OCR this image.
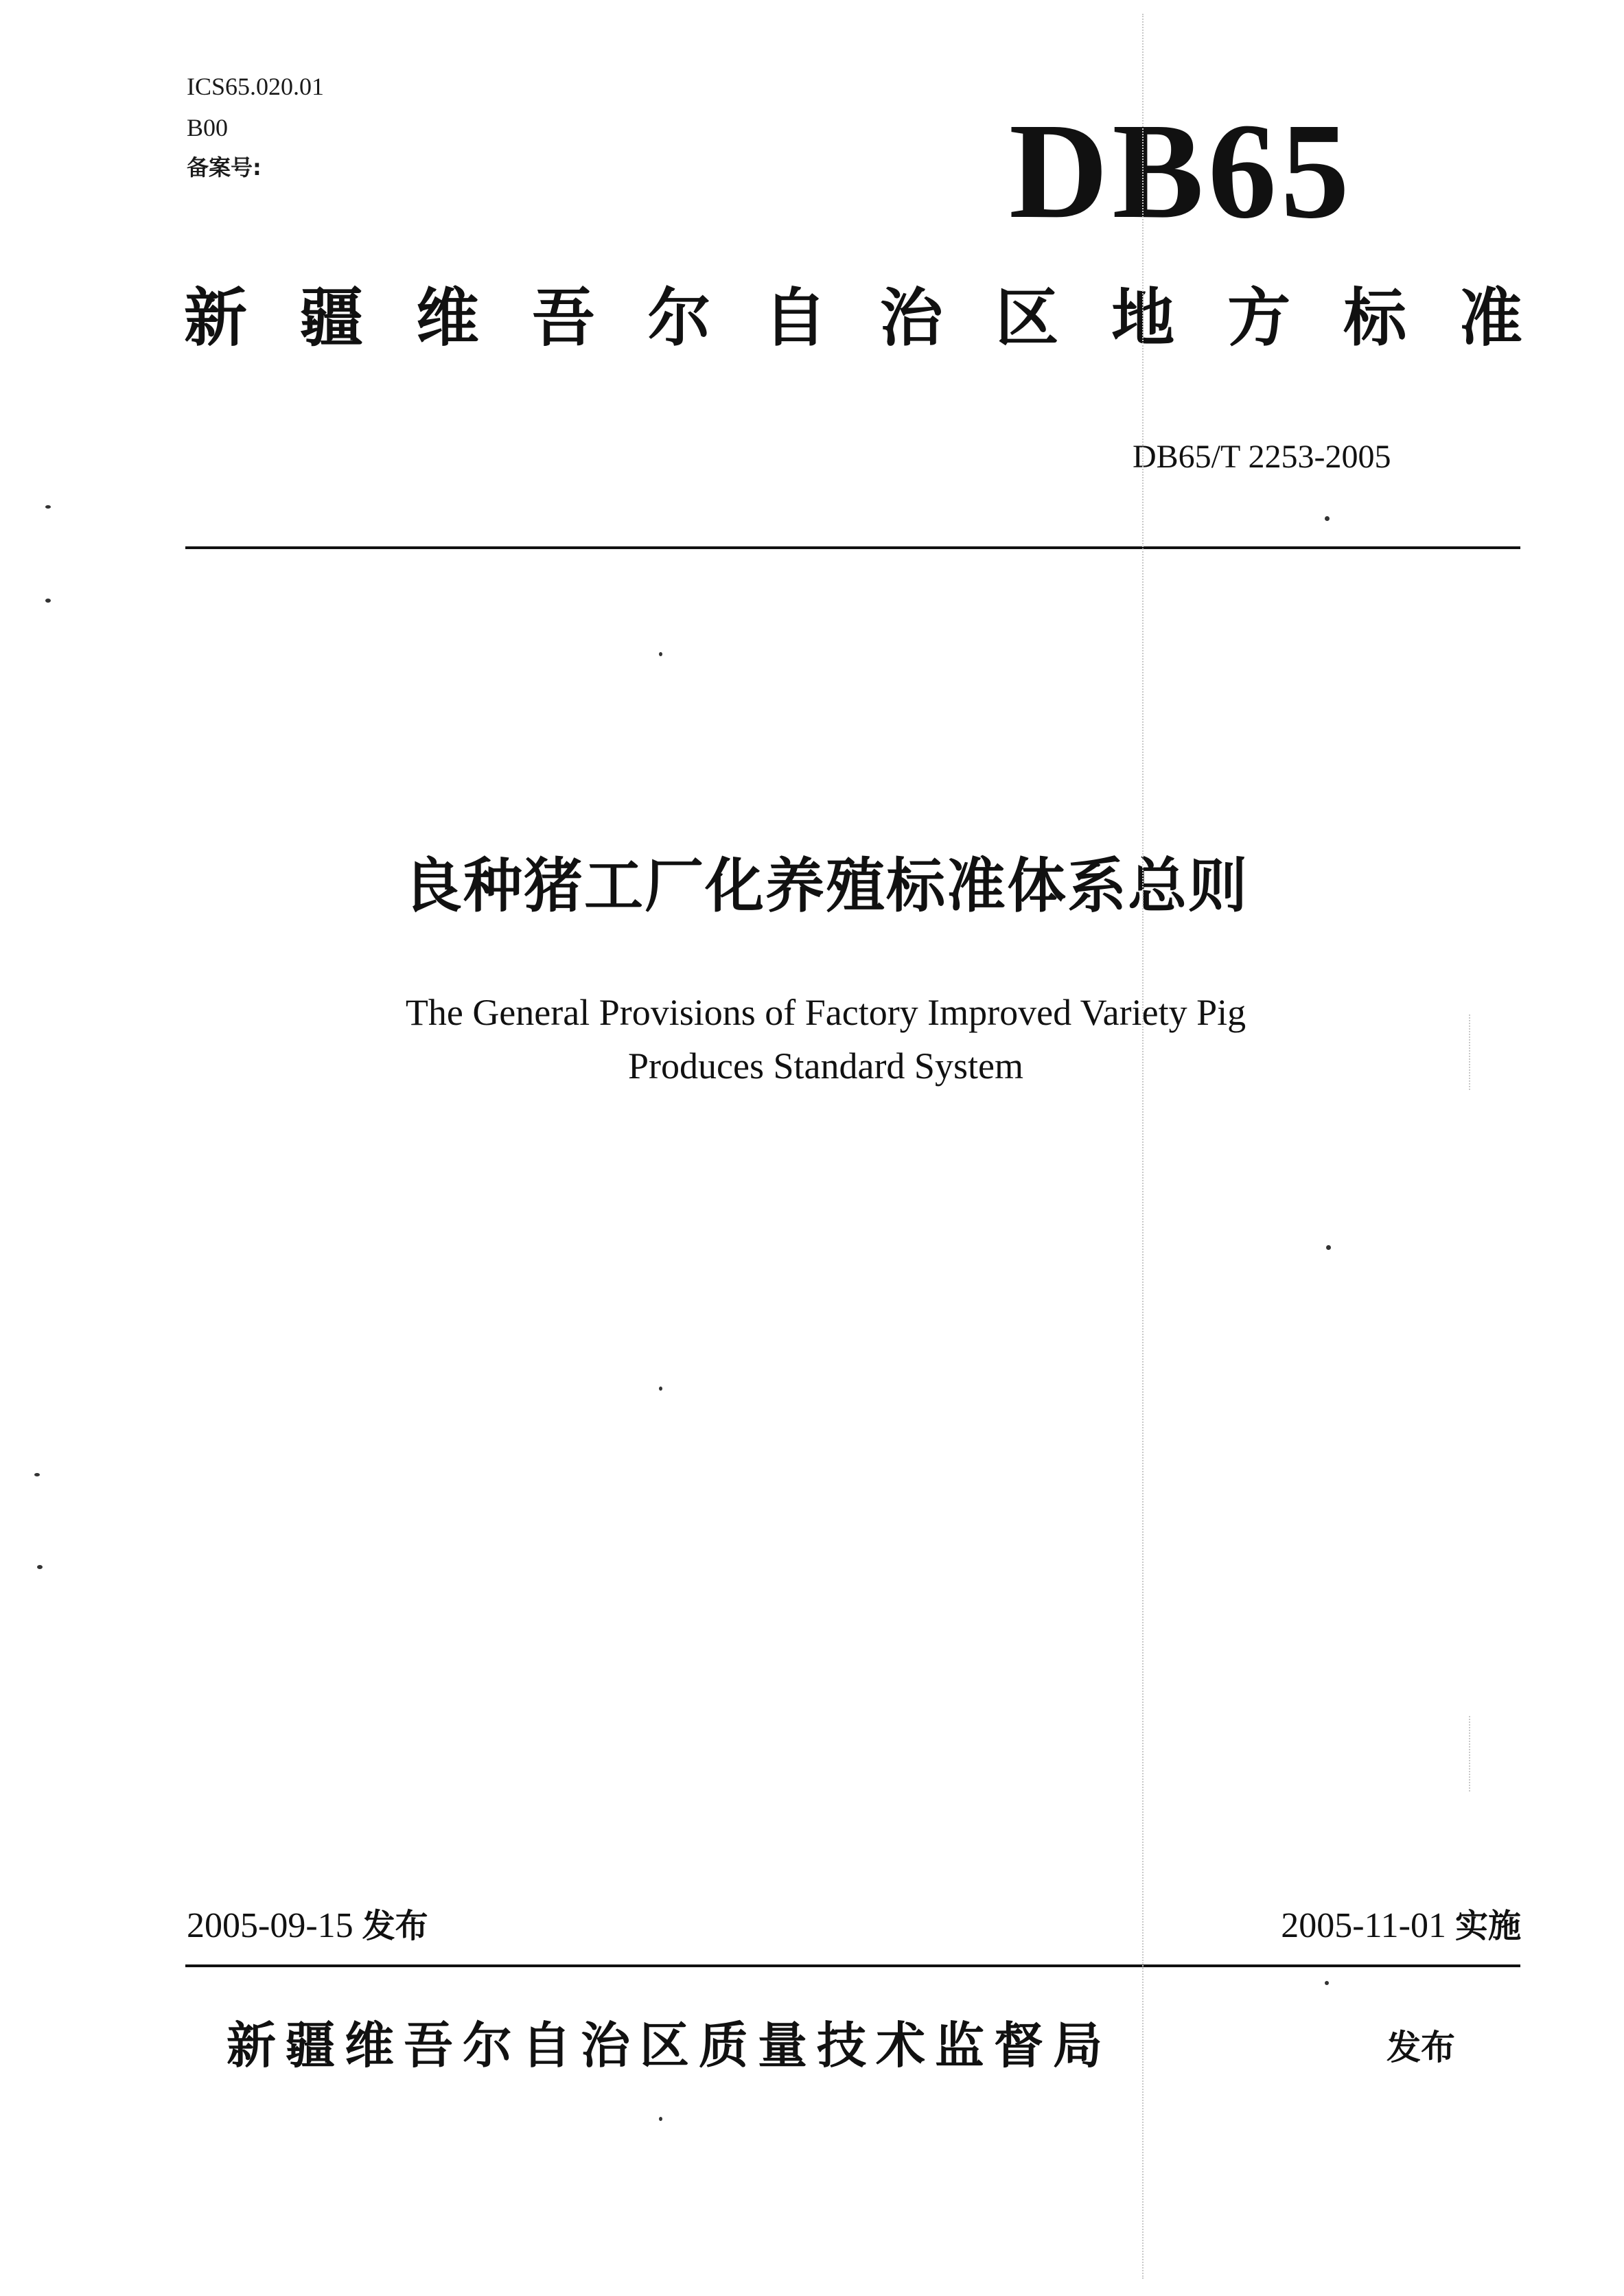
ICS65.020.01
B00
备案号:	DB65
新 疆 维 吾 尔 自 治 区 地 方 标 准
DB65/T 2253-2005
良种猪工厂化养殖标准体系总则
The General Provisions of Factory Improved Variety Pig
Produces Standard System
2005-09-15 发布	2005-11-01 实施
新疆维吾尔自治区质量技术监督局	发布
